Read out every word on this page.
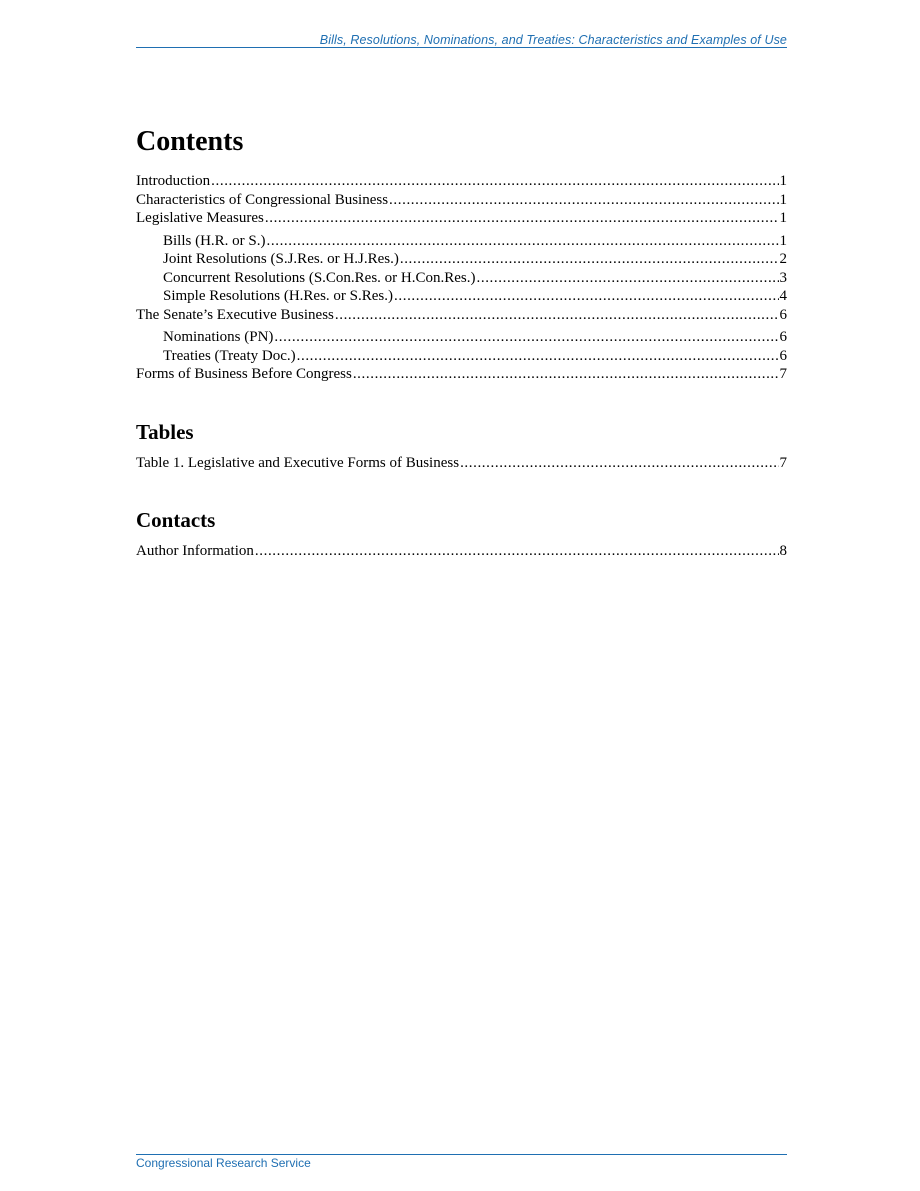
Bills, Resolutions, Nominations, and Treaties: Characteristics and Examples of Use
Contents
Introduction .....	1
Characteristics of Congressional Business .....	1
Legislative Measures .....	1
Bills (H.R. or S.) .....	1
Joint Resolutions (S.J.Res. or H.J.Res.) .....	2
Concurrent Resolutions (S.Con.Res. or H.Con.Res.) .....	3
Simple Resolutions (H.Res. or S.Res.) .....	4
The Senate’s Executive Business .....	6
Nominations (PN) .....	6
Treaties (Treaty Doc.) .....	6
Forms of Business Before Congress .....	7
Tables
Table 1. Legislative and Executive Forms of Business .....	7
Contacts
Author Information .....	8
Congressional Research Service
